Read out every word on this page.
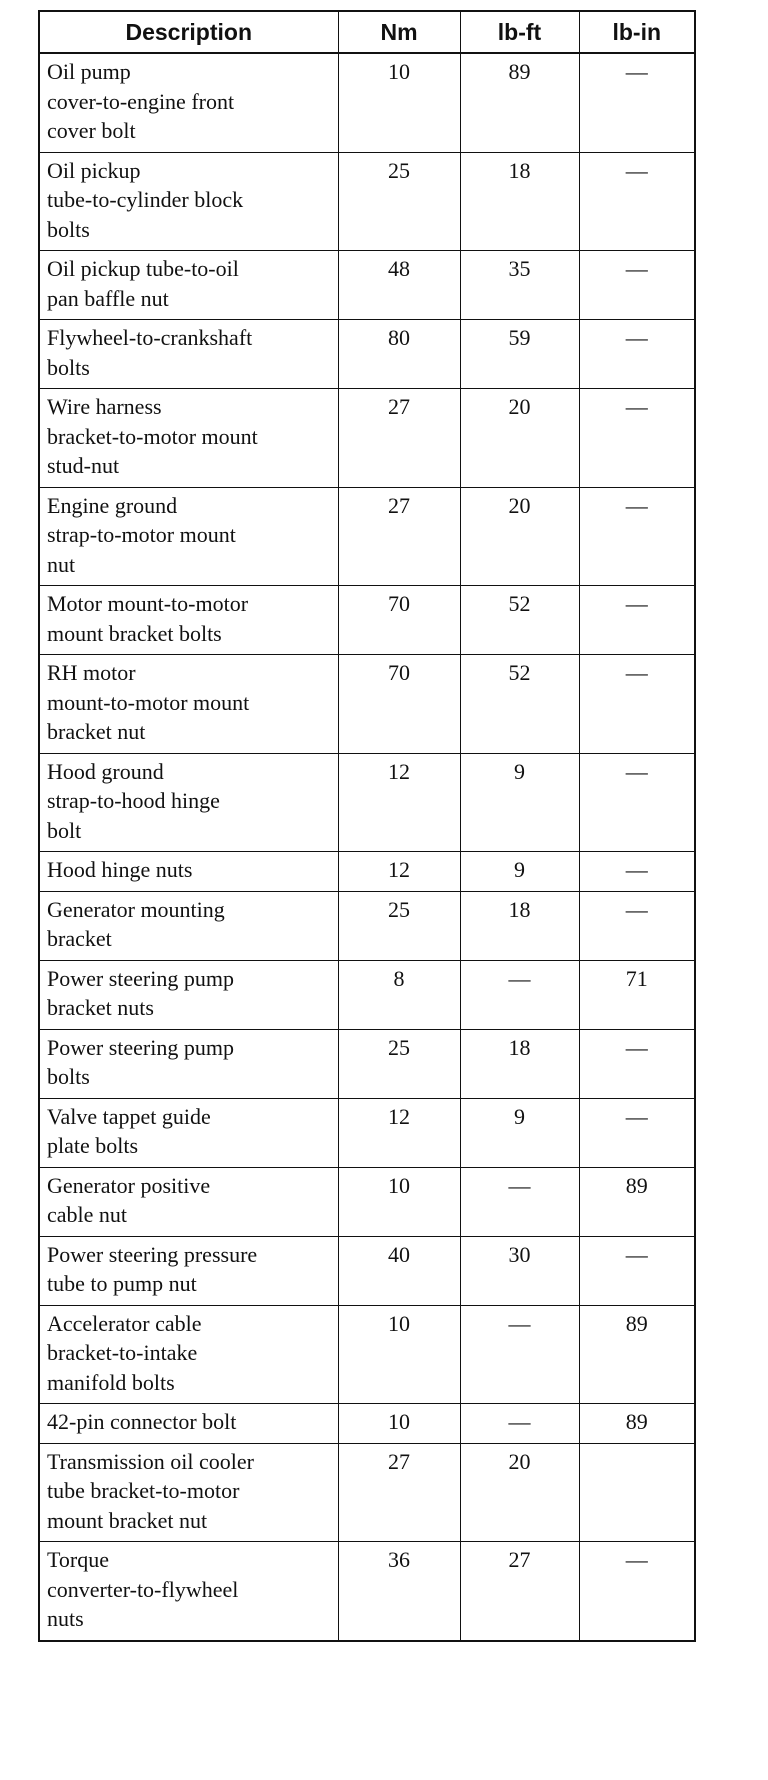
Description	Nm	lb-ft	lb-in
Oil pump
cover-to-engine front
cover bolt	10	89	—
Oil pickup
tube-to-cylinder block
bolts	25	18	—
Oil pickup tube-to-oil
pan baffle nut	48	35	—
Flywheel-to-crankshaft
bolts	80	59	—
Wire harness
bracket-to-motor mount
stud-nut	27	20	—
Engine ground
strap-to-motor mount
nut	27	20	—
Motor mount-to-motor
mount bracket bolts	70	52	—
RH motor
mount-to-motor mount
bracket nut	70	52	—
Hood ground
strap-to-hood hinge
bolt	12	9	—
Hood hinge nuts	12	9	—
Generator mounting
bracket	25	18	—
Power steering pump
bracket nuts	8	—	71
Power steering pump
bolts	25	18	—
Valve tappet guide
plate bolts	12	9	—
Generator positive
cable nut	10	—	89
Power steering pressure
tube to pump nut	40	30	—
Accelerator cable
bracket-to-intake
manifold bolts	10	—	89
42-pin connector bolt	10	—	89
Transmission oil cooler
tube bracket-to-motor
mount bracket nut	27	20	
Torque
converter-to-flywheel
nuts	36	27	—
